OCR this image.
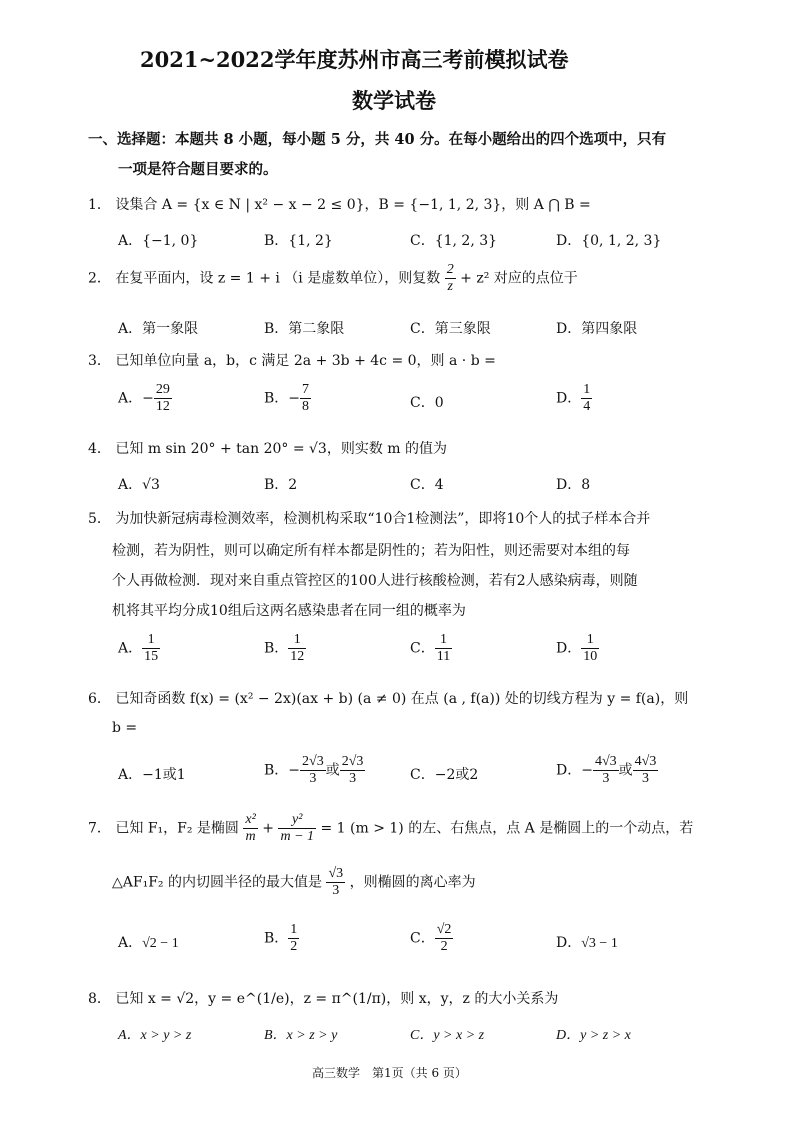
2021~2022学年度苏州市高三考前模拟试卷
数学试卷
一、选择题：本题共 8 小题，每小题 5 分，共 40 分。在每小题给出的四个选项中，只有
一项是符合题目要求的。
1． 设集合 A = {x ∈ N | x² − x − 2 ≤ 0}，B = {−1, 1, 2, 3}，则 A ⋂ B =
A．{−1, 0}	B．{1, 2}	C．{1, 2, 3}	D．{0, 1, 2, 3}
2． 在复平面内，设 z = 1 + i （i 是虚数单位），则复数 $\frac{2}{z} + z^2$ 对应的点位于
A．第一象限	B．第二象限	C．第三象限	D．第四象限
3． 已知单位向量 a，b，c 满足 2a + 3b + 4c = 0，则 a · b =
A．− $\frac{29}{12}$	B．− $\frac{7}{8}$	C．0	D． $\frac{1}{4}$
4． 已知 m sin 20° + tan 20° = √3，则实数 m 的值为
A．√3	B．2	C．4	D．8
5． 为加快新冠病毒检测效率，检测机构采取“10合1检测法”，即将10个人的拭子样本合并
检测，若为阴性，则可以确定所有样本都是阴性的；若为阳性，则还需要对本组的每
个人再做检测．现对来自重点管控区的100人进行核酸检测，若有2人感染病毒，则随
机将其平均分成10组后这两名感染患者在同一组的概率为
A． $\frac{1}{15}$	B． $\frac{1}{12}$	C． $\frac{1}{11}$	D． $\frac{1}{10}$
6． 已知奇函数 f(x) = (x² − 2x)(ax + b) (a ≠ 0) 在点 (a , f(a)) 处的切线方程为 y = f(a)，则
b =
A．−1或1	B．− $\frac{2√3}{3}$ 或 $\frac{2√3}{3}$	C．−2或2	D．− $\frac{4√3}{3}$ 或 $\frac{4√3}{3}$
7． 已知 F₁，F₂ 是椭圆 $\frac{\text{x²}}{m} + \frac{\text{y²}}{m - 1} = 1$ (m > 1) 的左、右焦点，点 A 是椭圆上的一个动点，若
△AF₁F₂ 的内切圆半径的最大值是 $\frac{√3}{3}$ ，则椭圆的离心率为
A．√2 − 1	B． $\frac{1}{2}$	C． $\frac{√2}{2}$	D．√3 − 1
8． 已知 x = √2，y = e^(1/e)，z = π^(1/π)，则 x，y，z 的大小关系为
A．x > y > z	B．x > z > y	C．y > x > z	D．y > z > x
高三数学　第1页（共 6 页）
